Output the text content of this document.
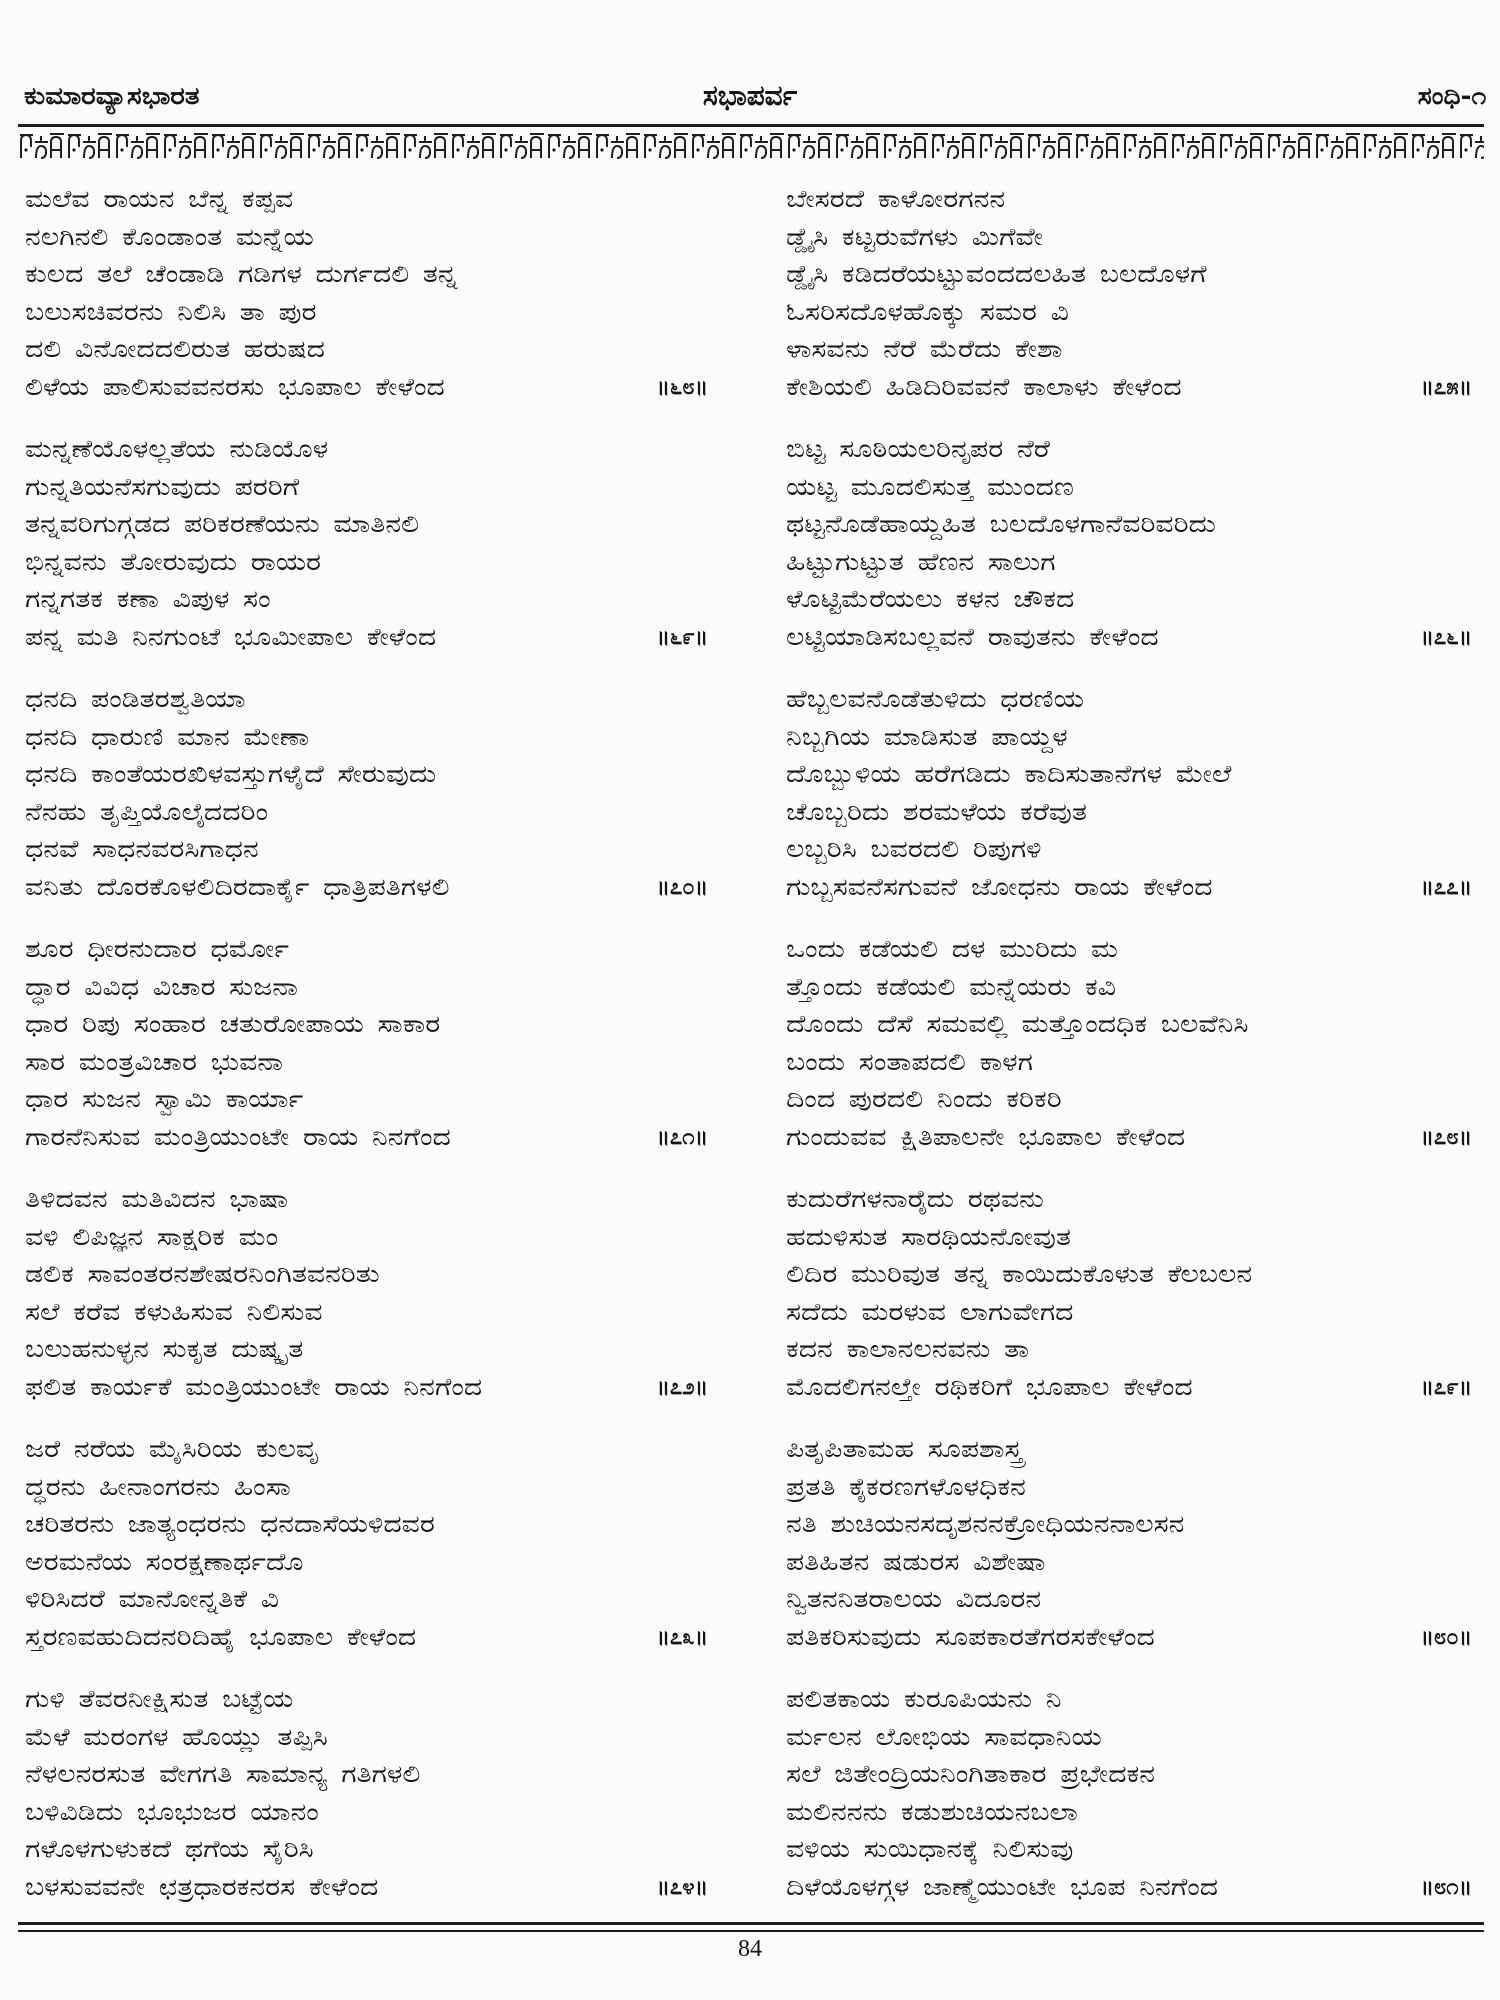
ಕುಮಾರವ್ಯಾಸಭಾರತ	ಸಭಾಪರ್ವ	ಸಂಧಿ-೧
ಮಲೆವ ರಾಯನ ಬೆನ್ನ ಕಪ್ಪವ
ನಲಗಿನಲಿ ಕೊಂಡಾಂತ ಮನ್ನೆಯ
ಕುಲದ ತಲೆ ಚೆಂಡಾಡಿ ಗಡಿಗಳ ದುರ್ಗದಲಿ ತನ್ನ
ಬಲುಸಚಿವರನು ನಿಲಿಸಿ ತಾ ಪುರ
ದಲಿ ವಿನೋದದಲಿರುತ ಹರುಷದ
ಲಿಳೆಯ ಪಾಲಿಸುವವನರಸು ಭೂಪಾಲ ಕೇಳೆಂದ	॥೬೮॥
ಮನ್ನಣೆಯೊಳಲ್ಲತೆಯ ನುಡಿಯೊಳ
ಗುನ್ನತಿಯನೆಸಗುವುದು ಪರರಿಗೆ
ತನ್ನವರಿಗುಗ್ಗಡದ ಪರಿಕರಣೆಯನು ಮಾತಿನಲಿ
ಭಿನ್ನವನು ತೋರುವುದು ರಾಯರ
ಗನ್ನಗತಕ ಕಣಾ ವಿಪುಳ ಸಂ
ಪನ್ನ ಮತಿ ನಿನಗುಂಟೆ ಭೂಮೀಪಾಲ ಕೇಳೆಂದ	॥೬೯॥
ಧನದಿ ಪಂಡಿತರಶ್ವತಿಯಾ
ಧನದಿ ಧಾರುಣಿ ಮಾನ ಮೇಣಾ
ಧನದಿ ಕಾಂತೆಯರಖಿಳವಸ್ತುಗಳೈದೆ ಸೇರುವುದು
ನೆನಹು ತೃಪ್ತಿಯೊಲೈದದರಿಂ
ಧನವೆ ಸಾಧನವರಸಿಗಾಧನ
ವನಿತು ದೊರಕೊಳಲಿದಿರದಾರ್ಕೈ ಧಾತ್ರಿಪತಿಗಳಲಿ	॥೭೦॥
ಶೂರ ಧೀರನುದಾರ ಧರ್ಮೋ
ದ್ಧಾರ ವಿವಿಧ ವಿಚಾರ ಸುಜನಾ
ಧಾರ ರಿಪು ಸಂಹಾರ ಚತುರೋಪಾಯ ಸಾಕಾರ
ಸಾರ ಮಂತ್ರವಿಚಾರ ಭುವನಾ
ಧಾರ ಸುಜನ ಸ್ವಾಮಿ ಕಾರ್ಯಾ
ಗಾರನೆನಿಸುವ ಮಂತ್ರಿಯುಂಟೇ ರಾಯ ನಿನಗೆಂದ	॥೭೧॥
ತಿಳಿದವನ ಮತಿವಿದನ ಭಾಷಾ
ವಳಿ ಲಿಪಿಜ್ಞನ ಸಾಕ್ಷರಿಕ ಮಂ
ಡಲಿಕ ಸಾವಂತರನಶೇಷರನಿಂಗಿತವನರಿತು
ಸಲೆ ಕರೆವ ಕಳುಹಿಸುವ ನಿಲಿಸುವ
ಬಲುಹನುಳ್ಳನ ಸುಕೃತ ದುಷ್ಕೃತ
ಫಲಿತ ಕಾರ್ಯಕೆ ಮಂತ್ರಿಯುಂಟೇ ರಾಯ ನಿನಗೆಂದ	॥೭೨॥
ಜರೆ ನರೆಯ ಮೈಸಿರಿಯ ಕುಲವೃ
ದ್ಧರನು ಹೀನಾಂಗರನು ಹಿಂಸಾ
ಚರಿತರನು ಜಾತ್ಯಂಧರನು ಧನದಾಸೆಯಳಿದವರ
ಅರಮನೆಯ ಸಂರಕ್ಷಣಾರ್ಥದೊ
ಳಿರಿಸಿದರೆ ಮಾನೋನ್ನತಿಕೆ ವಿ
ಸ್ತರಣವಹುದಿದನರಿದಿಹೈ ಭೂಪಾಲ ಕೇಳೆಂದ	॥೭೩॥
ಗುಳಿ ತೆವರನೀಕ್ಷಿಸುತ ಬಟ್ಟೆಯ
ಮೆಳೆ ಮರಂಗಳ ಹೊಯ್ಲು ತಪ್ಪಿಸಿ
ನೆಳಲನರಸುತ ವೇಗಗತಿ ಸಾಮಾನ್ಯ ಗತಿಗಳಲಿ
ಬಳಿವಿಡಿದು ಭೂಭುಜರ ಯಾನಂ
ಗಳೊಳಗುಳುಕದೆ ಥಗೆಯ ಸೈರಿಸಿ
ಬಳಸುವವನೇ ಛತ್ರಧಾರಕನರಸ ಕೇಳೆಂದ	॥೭೪॥
ಬೇಸರದೆ ಕಾಳೋರಗನನ
ಡ್ಡೈಸಿ ಕಟ್ಟರುವೆಗಳು ಮಿಗೆವೇ
ಡ್ಡೈಸಿ ಕಡಿದರೆಯಟ್ಟುವಂದದಲಹಿತ ಬಲದೊಳಗೆ
ಓಸರಿಸದೊಳಹೊಕ್ಕು ಸಮರ ವಿ
ಳಾಸವನು ನೆರೆ ಮೆರೆದು ಕೇಶಾ
ಕೇಶಿಯಲಿ ಹಿಡಿದಿರಿವವನೆ ಕಾಲಾಳು ಕೇಳೆಂದ	॥೭೫॥
ಬಿಟ್ಟ ಸೂಠಿಯಲರಿನೃಪರ ನೆರೆ
ಯಟ್ಟ ಮೂದಲಿಸುತ್ತ ಮುಂದಣ
ಥಟ್ಟನೊಡೆಹಾಯ್ದಹಿತ ಬಲದೊಳಗಾನೆವರಿವರಿದು
ಹಿಟ್ಟುಗುಟ್ಟುತ ಹೆಣನ ಸಾಲುಗ
ಳೊಟ್ಟಿಮೆರೆಯಲು ಕಳನ ಚೌಕದ
ಲಟ್ಟಿಯಾಡಿಸಬಲ್ಲವನೆ ರಾವುತನು ಕೇಳೆಂದ	॥೭೬॥
ಹೆಬ್ಬಲವನೊಡೆತುಳಿದು ಧರಣಿಯ
ನಿಬ್ಬಗಿಯ ಮಾಡಿಸುತ ಪಾಯ್ದಳ
ದೊಬ್ಬುಳಿಯ ಹರೆಗಡಿದು ಕಾದಿಸುತಾನೆಗಳ ಮೇಲೆ
ಚೊಬ್ಬರಿದು ಶರಮಳೆಯ ಕರೆವುತ
ಲಬ್ಬರಿಸಿ ಬವರದಲಿ ರಿಪುಗಳಿ
ಗುಬ್ಬಸವನೆಸಗುವನೆ ಜೋಧನು ರಾಯ ಕೇಳೆಂದ	॥೭೭॥
ಒಂದು ಕಡೆಯಲಿ ದಳ ಮುರಿದು ಮ
ತ್ತೊಂದು ಕಡೆಯಲಿ ಮನ್ನೆಯರು ಕವಿ
ದೊಂದು ದೆಸೆ ಸಮವಲ್ಲಿ ಮತ್ತೊಂದಧಿಕ ಬಲವೆನಿಸಿ
ಬಂದು ಸಂತಾಪದಲಿ ಕಾಳಗ
ದಿಂದ ಪುರದಲಿ ನಿಂದು ಕರಿಕರಿ
ಗುಂದುವವ ಕ್ಷಿತಿಪಾಲನೇ ಭೂಪಾಲ ಕೇಳೆಂದ	॥೭೮॥
ಕುದುರೆಗಳನಾರೈದು ರಥವನು
ಹದುಳಿಸುತ ಸಾರಥಿಯನೋವುತ
ಲಿದಿರ ಮುರಿವುತ ತನ್ನ ಕಾಯಿದುಕೊಳುತ ಕೆಲಬಲನ
ಸದೆದು ಮರಳುವ ಲಾಗುವೇಗದ
ಕದನ ಕಾಲಾನಲನವನು ತಾ
ಮೊದಲಿಗನಲ್ತೇ ರಥಿಕರಿಗೆ ಭೂಪಾಲ ಕೇಳೆಂದ	॥೭೯॥
ಪಿತೃಪಿತಾಮಹ ಸೂಪಶಾಸ್ತ್ರ
ಪ್ರತತಿ ಕೈಕರಣಗಳೊಳಧಿಕನ
ನತಿ ಶುಚಿಯನಸದೃಶನನಕ್ರೋಧಿಯನನಾಲಸನ
ಪತಿಹಿತನ ಷಡುರಸ ವಿಶೇಷಾ
ನ್ವಿತನನಿತರಾಲಯ ವಿದೂರನ
ಪತಿಕರಿಸುವುದು ಸೂಪಕಾರತೆಗರಸಕೇಳೆಂದ	॥೮೦॥
ಪಲಿತಕಾಯ ಕುರೂಪಿಯನು ನಿ
ರ್ಮಲನ ಲೋಭಿಯ ಸಾವಧಾನಿಯ
ಸಲೆ ಜಿತೇಂದ್ರಿಯನಿಂಗಿತಾಕಾರ ಪ್ರಭೇದಕನ
ಮಲಿನನನು ಕಡುಶುಚಿಯನಬಲಾ
ವಳಿಯ ಸುಯಿಧಾನಕ್ಕೆ ನಿಲಿಸುವು
ದಿಳೆಯೊಳಗ್ಗಳ ಜಾಣ್ಮೆಯುಂಟೇ ಭೂಪ ನಿನಗೆಂದ	॥೮೧॥
84
